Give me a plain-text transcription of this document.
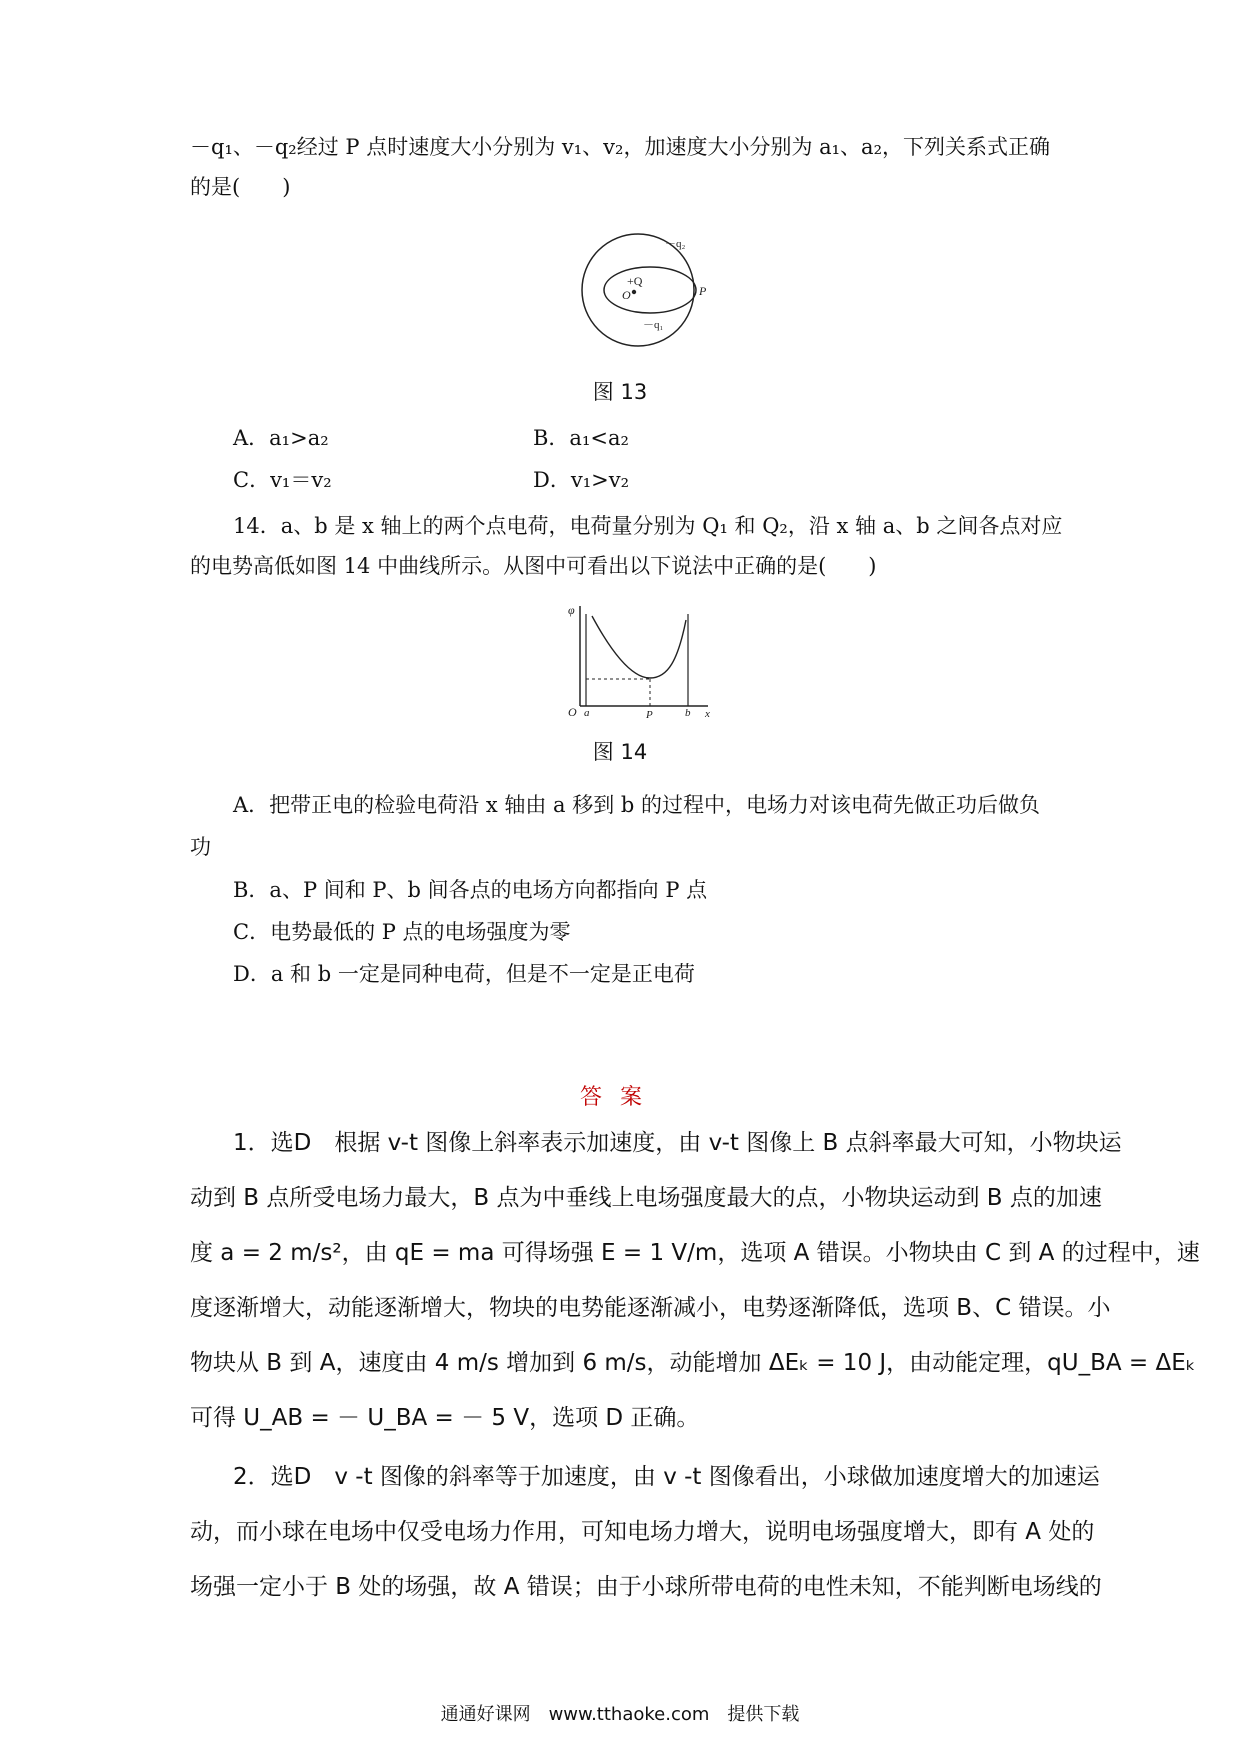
－q₁、－q₂经过 P 点时速度大小分别为 v₁、v₂，加速度大小分别为 a₁、a₂，下列关系式正确
的是(　　)
－q₂
+Q
O	P
－q₁
图 13
A．a₁>a₂	B．a₁<a₂
C．v₁＝v₂	D．v₁>v₂
14．a、b 是 x 轴上的两个点电荷，电荷量分别为 Q₁ 和 Q₂，沿 x 轴 a、b 之间各点对应
的电势高低如图 14 中曲线所示。从图中可看出以下说法中正确的是(　　)
φ
O a	P	b x
图 14
A．把带正电的检验电荷沿 x 轴由 a 移到 b 的过程中，电场力对该电荷先做正功后做负
功
B．a、P 间和 P、b 间各点的电场方向都指向 P 点
C．电势最低的 P 点的电场强度为零
D．a 和 b 一定是同种电荷，但是不一定是正电荷
答案
1．选D　根据 v-t 图像上斜率表示加速度，由 v-t 图像上 B 点斜率最大可知，小物块运
动到 B 点所受电场力最大，B 点为中垂线上电场强度最大的点，小物块运动到 B 点的加速
度 a = 2 m/s²，由 qE = ma 可得场强 E = 1 V/m，选项 A 错误。小物块由 C 到 A 的过程中，速
度逐渐增大，动能逐渐增大，物块的电势能逐渐减小，电势逐渐降低，选项 B、C 错误。小
物块从 B 到 A，速度由 4 m/s 增加到 6 m/s，动能增加 ΔEₖ = 10 J，由动能定理，qU_BA = ΔEₖ
可得 U_AB = － U_BA = － 5 V，选项 D 正确。
2．选D　v -t 图像的斜率等于加速度，由 v -t 图像看出，小球做加速度增大的加速运
动，而小球在电场中仅受电场力作用，可知电场力增大，说明电场强度增大，即有 A 处的
场强一定小于 B 处的场强，故 A 错误；由于小球所带电荷的电性未知，不能判断电场线的
通通好课网　www.tthaoke.com　提供下载
